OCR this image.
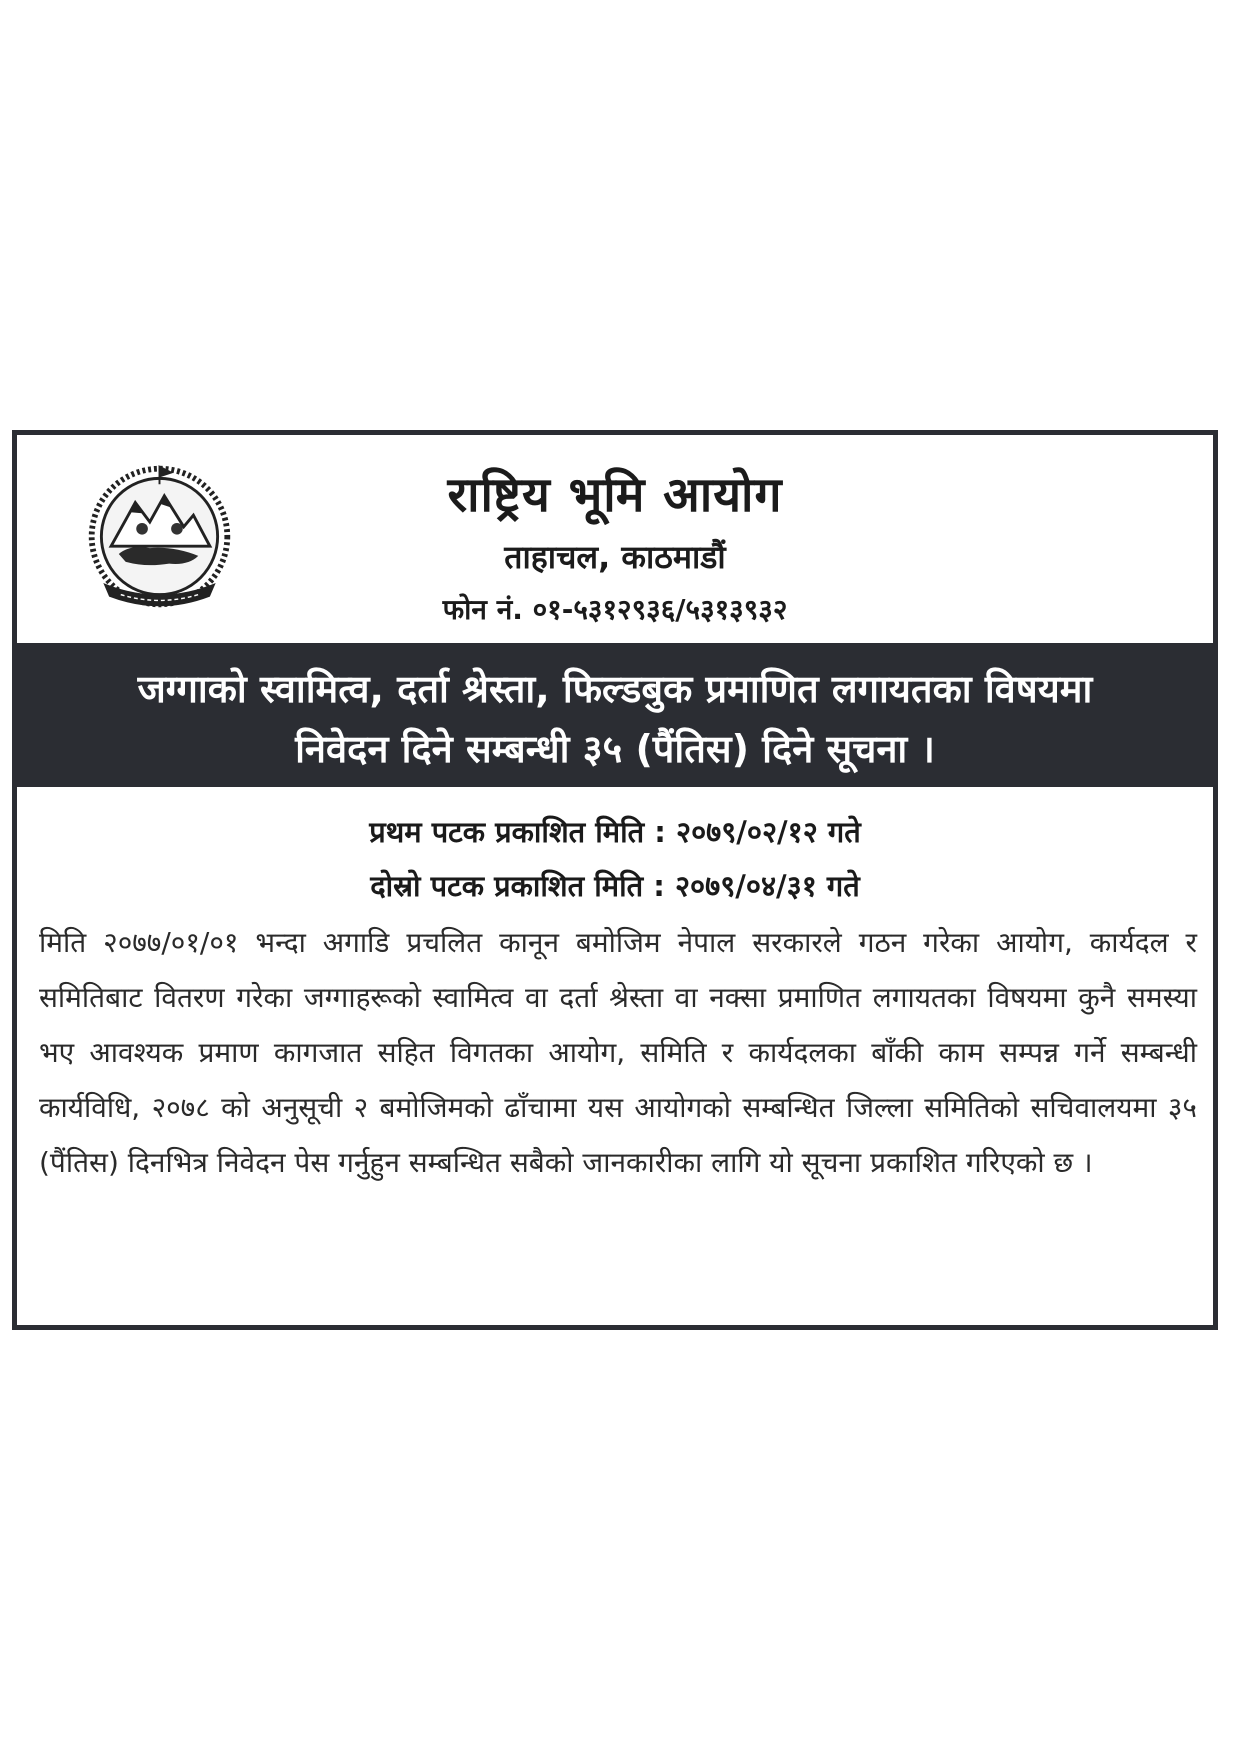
राष्ट्रिय भूमि आयोग
ताहाचल, काठमाडौं
फोन नं. ०१-५३१२९३६/५३१३९३२
जग्गाको स्वामित्व, दर्ता श्रेस्ता, फिल्डबुक प्रमाणित लगायतका विषयमा
निवेदन दिने सम्बन्धी ३५ (पैंतिस) दिने सूचना ।
प्रथम पटक प्रकाशित मिति : २०७९/०२/१२ गते
दोस्रो पटक प्रकाशित मिति : २०७९/०४/३१ गते
मिति २०७७/०१/०१ भन्दा अगाडि प्रचलित कानून बमोजिम नेपाल सरकारले गठन गरेका आयोग, कार्यदल र समितिबाट वितरण गरेका जग्गाहरूको स्वामित्व वा दर्ता श्रेस्ता वा नक्सा प्रमाणित लगायतका विषयमा कुनै समस्या भए आवश्यक प्रमाण कागजात सहित विगतका आयोग, समिति र कार्यदलका बाँकी काम सम्पन्न गर्ने सम्बन्धी कार्यविधि, २०७८ को अनुसूची २ बमोजिमको ढाँचामा यस आयोगको सम्बन्धित जिल्ला समितिको सचिवालयमा ३५ (पैंतिस) दिनभित्र निवेदन पेस गर्नुहुन सम्बन्धित सबैको जानकारीका लागि यो सूचना प्रकाशित गरिएको छ ।
